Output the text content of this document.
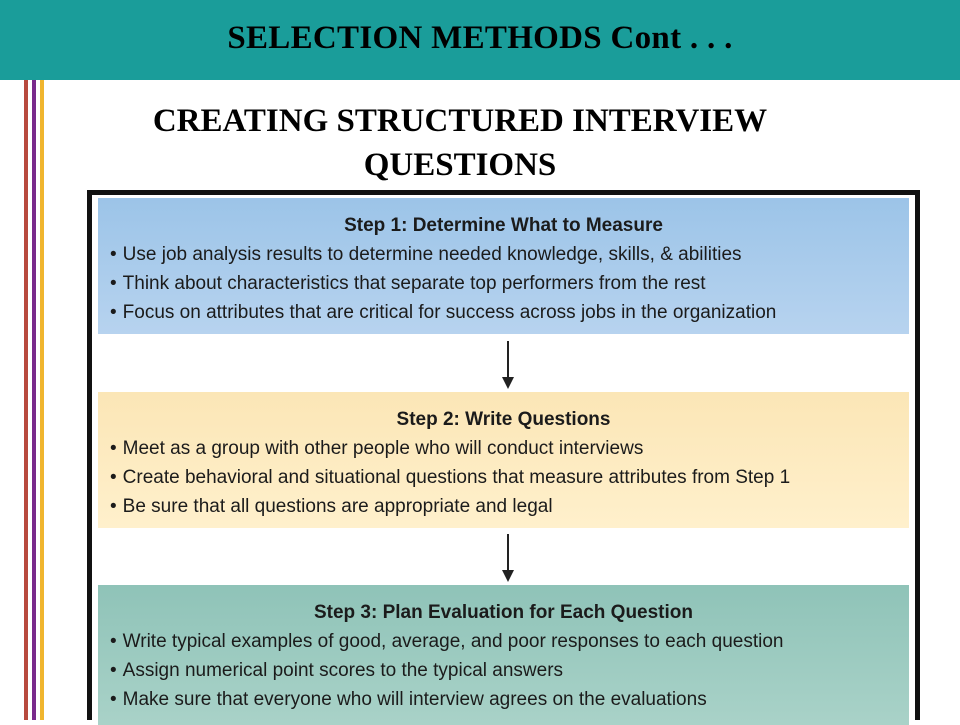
SELECTION METHODS Cont . . .
CREATING STRUCTURED INTERVIEW
QUESTIONS
Step 1: Determine What to Measure
• Use job analysis results to determine needed knowledge, skills, & abilities
• Think about characteristics that separate top performers from the rest
• Focus on attributes that are critical for success across jobs in the organization
Step 2: Write Questions
• Meet as a group with other people who will conduct interviews
• Create behavioral and situational questions that measure attributes from Step 1
• Be sure that all questions are appropriate and legal
Step 3: Plan Evaluation for Each Question
• Write typical examples of good, average, and poor responses to each question
• Assign numerical point scores to the typical answers
• Make sure that everyone who will interview agrees on the evaluations
